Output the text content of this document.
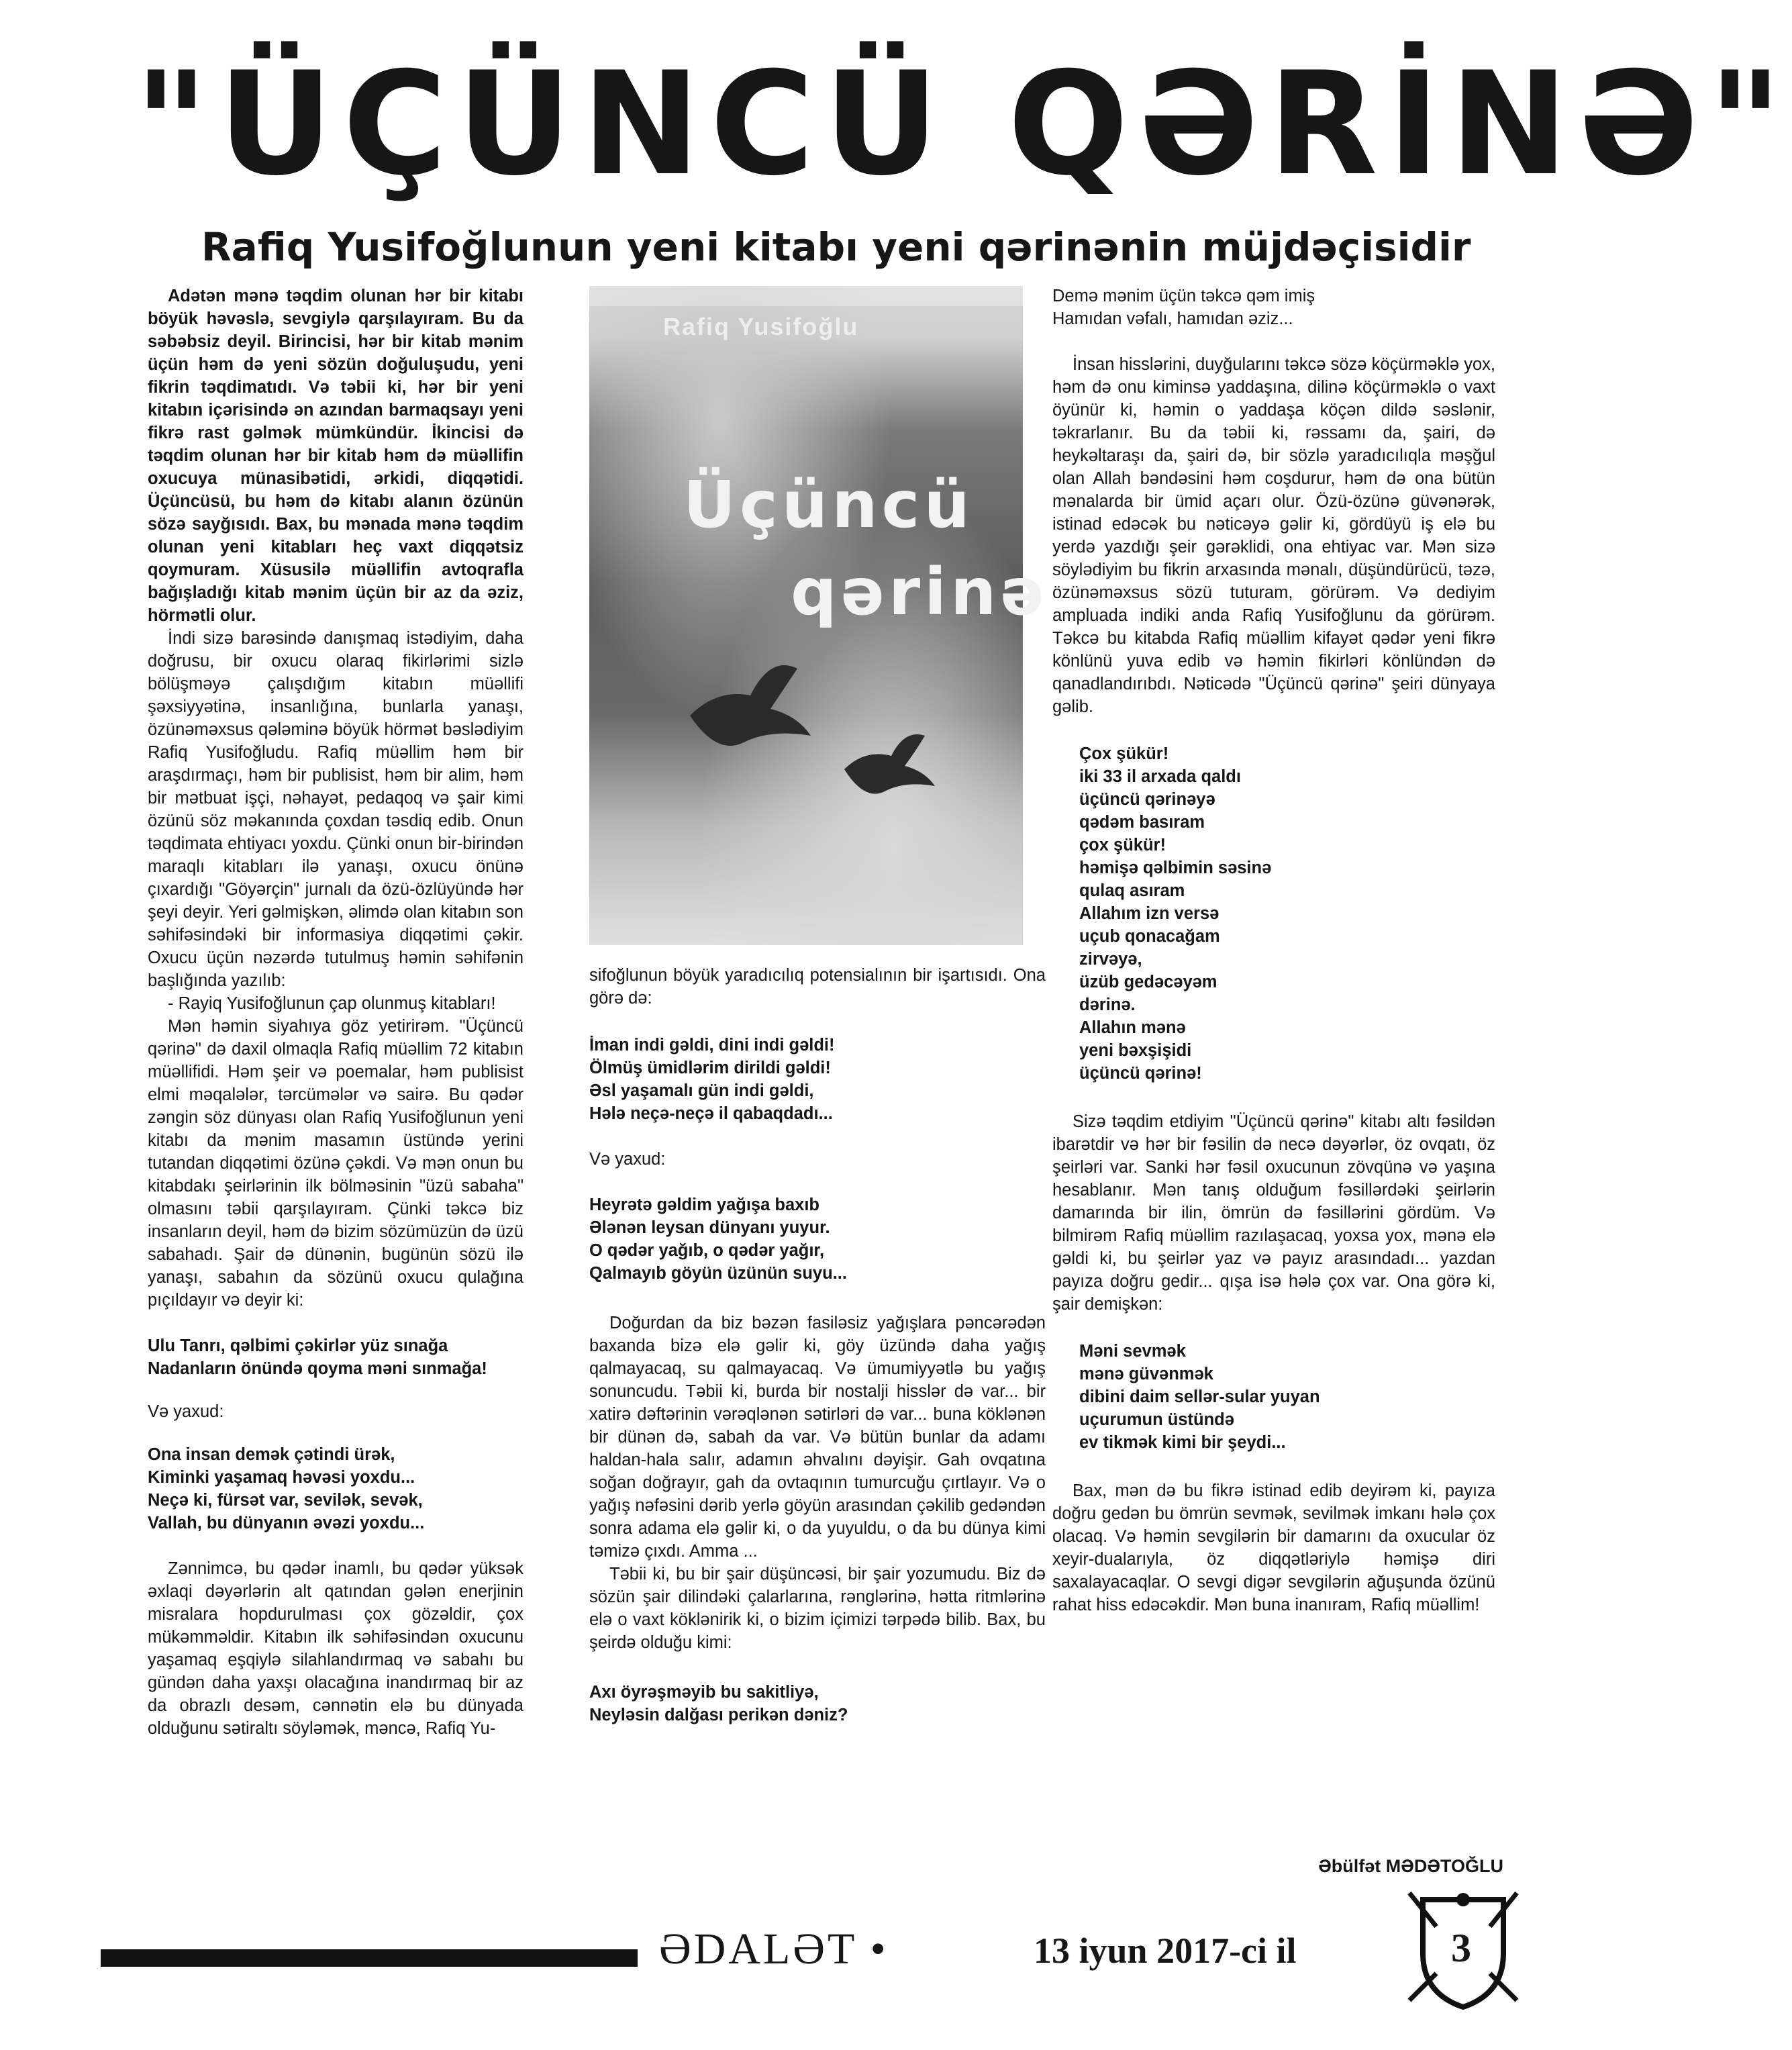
"ÜÇÜNCÜ QƏRİNƏ"
Rafiq Yusifoğlunun yeni kitabı yeni qərinənin müjdəçisidir

Adətən mənə təqdim olunan hər bir kitabı böyük həvəslə, sevgiylə qarşılayıram. Bu da səbəbsiz deyil. Birincisi, hər bir kitab mənim üçün həm də yeni sözün doğuluşudu, yeni fikrin təqdimatıdı. Və təbii ki, hər bir yeni kitabın içərisində ən azından barmaqsayı yeni fikrə rast gəlmək mümkündür. İkincisi də təqdim olunan hər bir kitab həm də müəllifin oxucuya münasibətidi, ərkidi, diqqətidi. Üçüncüsü, bu həm də kitabı alanın özünün sözə sayğısıdı. Bax, bu mənada mənə təqdim olunan yeni kitabları heç vaxt diqqətsiz qoymuram. Xüsusilə müəllifin avtoqrafla bağışladığı kitab mənim üçün bir az da əziz, hörmətli olur.

İndi sizə barəsində danışmaq istədiyim, daha doğrusu, bir oxucu olaraq fikirlərimi sizlə bölüşməyə çalışdığım kitabın müəllifi şəxsiyyətinə, insanlığına, bunlarla yanaşı, özünəməxsus qələminə böyük hörmət bəslədiyim Rafiq Yusifoğludu. Rafiq müəllim həm bir araşdırmaçı, həm bir publisist, həm bir alim, həm bir mətbuat işçi, nəhayət, pedaqoq və şair kimi özünü söz məkanında çoxdan təsdiq edib. Onun təqdimata ehtiyacı yoxdu. Çünki onun bir-birindən maraqlı kitabları ilə yanaşı, oxucu önünə çıxardığı "Göyərçin" jurnalı da özü-özlüyündə hər şeyi deyir. Yeri gəlmişkən, əlimdə olan kitabın son səhifəsindəki bir informasiya diqqətimi çəkir. Oxucu üçün nəzərdə tutulmuş həmin səhifənin başlığında yazılıb:

- Rayiq Yusifoğlunun çap olunmuş kitabları!

Mən həmin siyahıya göz yetirirəm. "Üçüncü qərinə" də daxil olmaqla Rafiq müəllim 72 kitabın müəllifidi. Həm şeir və poemalar, həm publisist elmi məqalələr, tərcümələr və sairə. Bu qədər zəngin söz dünyası olan Rafiq Yusifoğlunun yeni kitabı da mənim masamın üstündə yerini tutandan diqqətimi özünə çəkdi. Və mən onun bu kitabdakı şeirlərinin ilk bölməsinin "üzü sabaha" olmasını təbii qarşılayıram. Çünki təkcə biz insanların deyil, həm də bizim sözümüzün də üzü sabahadı. Şair də dünənin, bugünün sözü ilə yanaşı, sabahın da sözünü oxucu qulağına pıçıldayır və deyir ki:

Ulu Tanrı, qəlbimi çəkirlər yüz sınağa
Nadanların önündə qoyma məni sınmağa!

Və yaxud:

Ona insan demək çətindi ürək,
Kiminki yaşamaq həvəsi yoxdu...
Neçə ki, fürsət var, sevilək, sevək,
Vallah, bu dünyanın əvəzi yoxdu...

Zənnimcə, bu qədər inamlı, bu qədər yüksək əxlaqi dəyərlərin alt qatından gələn enerjinin misralara hopdurulması çox gözəldir, çox mükəmməldir. Kitabın ilk səhifəsindən oxucunu yaşamaq eşqiylə silahlandırmaq və sabahı bu gündən daha yaxşı olacağına inandırmaq bir az da obrazlı desəm, cənnətin elə bu dünyada olduğunu sətiraltı söyləmək, məncə, Rafiq Yu-

Rafiq Yusifoğlu
Üçüncü
qərinə

sifoğlunun böyük yaradıcılıq potensialının bir işartısıdı. Ona görə də:

İman indi gəldi, dini indi gəldi!
Ölmüş ümidlərim dirildi gəldi!
Əsl yaşamalı gün indi gəldi,
Hələ neçə-neçə il qabaqdadı...

Və yaxud:

Heyrətə gəldim yağışa baxıb
Ələnən leysan dünyanı yuyur.
O qədər yağıb, o qədər yağır,
Qalmayıb göyün üzünün suyu...

Doğurdan da biz bəzən fasiləsiz yağışlara pəncərədən baxanda bizə elə gəlir ki, göy üzündə daha yağış qalmayacaq, su qalmayacaq. Və ümumiyyətlə bu yağış sonuncudu. Təbii ki, burda bir nostalji hisslər də var... bir xatirə dəftərinin vərəqlənən sətirləri də var... buna köklənən bir dünən də, sabah da var. Və bütün bunlar da adamı haldan-hala salır, adamın əhvalını dəyişir. Gah ovqatına soğan doğrayır, gah da ovtaqının tumurcuğu çırtlayır. Və o yağış nəfəsini dərib yerlə göyün arasından çəkilib gedəndən sonra adama elə gəlir ki, o da yuyuldu, o da bu dünya kimi təmizə çıxdı. Amma ...

Təbii ki, bu bir şair düşüncəsi, bir şair yozumudu. Biz də sözün şair dilindəki çalarlarına, rənglərinə, hətta ritmlərinə elə o vaxt köklənirik ki, o bizim içimizi tərpədə bilib. Bax, bu şeirdə olduğu kimi:

Axı öyrəşməyib bu sakitliyə,
Neyləsin dalğası perikən dəniz?
Demə mənim üçün təkcə qəm imiş
Hamıdan vəfalı, hamıdan əziz...

İnsan hisslərini, duyğularını təkcə sözə köçürməklə yox, həm də onu kiminsə yaddaşına, dilinə köçürməklə o vaxt öyünür ki, həmin o yaddaşa köçən dildə səslənir, təkrarlanır. Bu da təbii ki, rəssamı da, şairi, də heykəltaraşı da, şairi də, bir sözlə yaradıcılıqla məşğul olan Allah bəndəsini həm coşdurur, həm də ona bütün mənalarda bir ümid açarı olur. Özü-özünə güvənərək, istinad edəcək bu nəticəyə gəlir ki, gördüyü iş elə bu yerdə yazdığı şeir gərəklidi, ona ehtiyac var. Mən sizə söylədiyim bu fikrin arxasında mənalı, düşündürücü, təzə, özünəməxsus sözü tuturam, görürəm. Və dediyim ampluada indiki anda Rafiq Yusifoğlunu da görürəm. Təkcə bu kitabda Rafiq müəllim kifayət qədər yeni fikrə könlünü yuva edib və həmin fikirləri könlündən də qanadlandırıbdı. Nəticədə "Üçüncü qərinə" şeiri dünyaya gəlib.

Çox şükür!
iki 33 il arxada qaldı
üçüncü qərinəyə
qədəm basıram
çox şükür!
həmişə qəlbimin səsinə
qulaq asıram
Allahım izn versə
uçub qonacağam
zirvəyə,
üzüb gedəcəyəm
dərinə.
Allahın mənə
yeni bəxşişidi
üçüncü qərinə!

Sizə təqdim etdiyim "Üçüncü qərinə" kitabı altı fəsildən ibarətdir və hər bir fəsilin də necə dəyərlər, öz ovqatı, öz şeirləri var. Sanki hər fəsil oxucunun zövqünə və yaşına hesablanır. Mən tanış olduğum fəsillərdəki şeirlərin damarında bir ilin, ömrün də fəsillərini gördüm. Və bilmirəm Rafiq müəllim razılaşacaq, yoxsa yox, mənə elə gəldi ki, bu şeirlər yaz və payız arasındadı... yazdan payıza doğru gedir... qışa isə hələ çox var. Ona görə ki, şair demişkən:

Məni sevmək
mənə güvənmək
dibini daim sellər-sular yuyan
uçurumun üstündə
ev tikmək kimi bir şeydi...

Bax, mən də bu fikrə istinad edib deyirəm ki, payıza doğru gedən bu ömrün sevmək, sevilmək imkanı hələ çox olacaq. Və həmin sevgilərin bir damarını da oxucular öz xeyir-dualarıyla, öz diqqətləriylə həmişə diri saxalayacaqlar. O sevgi digər sevgilərin ağuşunda özünü rahat hiss edəcəkdir. Mən buna inanıram, Rafiq müəllim!

Əbülfət MƏDƏTOĞLU
ƏDALƏT •	13 iyun 2017-ci il	3
